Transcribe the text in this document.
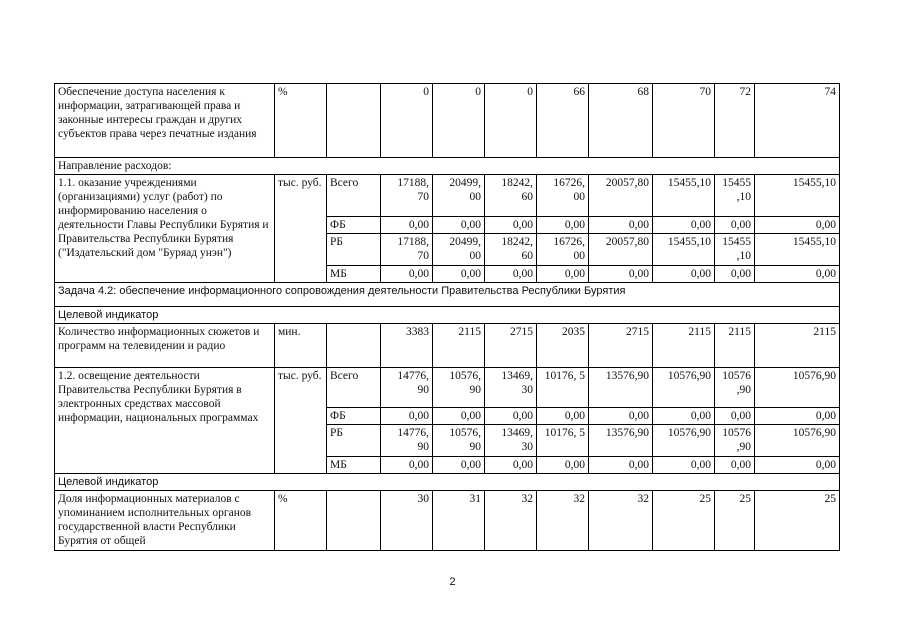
Обеспечение доступа населения к информации, затрагивающей права и законные интересы граждан и других субъектов права через печатные издания	%		0	0	0	66	68	70	72	74
Направление расходов:										
1.1. оказание учреждениями (организациями) услуг (работ) по информированию населения о деятельности Главы Республики Бурятия и Правительства Республики Бурятия ("Издательский дом "Буряад унэн")	тыс. руб.	Всего	17188, 70	20499, 00	18242, 60	16726, 00	20057,80	15455,10	15455 ,10	15455,10
		ФБ	0,00	0,00	0,00	0,00	0,00	0,00	0,00	0,00
		РБ	17188, 70	20499, 00	18242, 60	16726, 00	20057,80	15455,10	15455 ,10	15455,10
		МБ	0,00	0,00	0,00	0,00	0,00	0,00	0,00	0,00
Задача 4.2: обеспечение информационного сопровождения деятельности Правительства Республики Бурятия										
Целевой индикатор										
Количество информационных сюжетов и программ на телевидении и радио	мин.		3383	2115	2715	2035	2715	2115	2115	2115
1.2. освещение деятельности Правительства Республики Бурятия в электронных средствах массовой информации, национальных программах	тыс. руб.	Всего	14776, 90	10576, 90	13469, 30	10176, 5	13576,90	10576,90	10576 ,90	10576,90
		ФБ	0,00	0,00	0,00	0,00	0,00	0,00	0,00	0,00
		РБ	14776, 90	10576, 90	13469, 30	10176, 5	13576,90	10576,90	10576 ,90	10576,90
		МБ	0,00	0,00	0,00	0,00	0,00	0,00	0,00	0,00
Целевой индикатор										
Доля информационных материалов с упоминанием исполнительных органов государственной власти Республики Бурятия от общей	%		30	31	32	32	32	25	25	25
2
